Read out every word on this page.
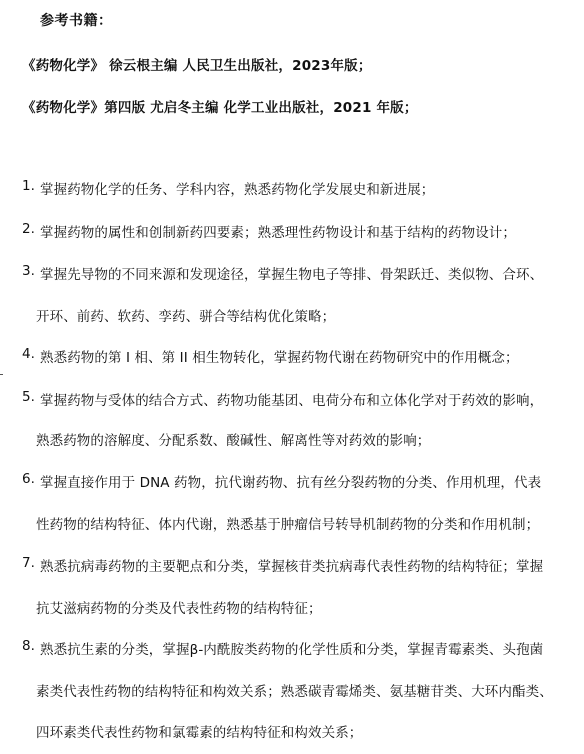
参考书籍：
《药物化学》 徐云根主编 人民卫生出版社，2023年版；
《药物化学》第四版 尤启冬主编 化学工业出版社，2021 年版；
1. 掌握药物化学的任务、学科内容，熟悉药物化学发展史和新进展；
2. 掌握药物的属性和创制新药四要素；熟悉理性药物设计和基于结构的药物设计；
3. 掌握先导物的不同来源和发现途径，掌握生物电子等排、骨架跃迁、类似物、合环、
开环、前药、软药、孪药、骈合等结构优化策略；
4. 熟悉药物的第 I 相、第 II 相生物转化，掌握药物代谢在药物研究中的作用概念；
5. 掌握药物与受体的结合方式、药物功能基团、电荷分布和立体化学对于药效的影响，
熟悉药物的溶解度、分配系数、酸碱性、解离性等对药效的影响；
6. 掌握直接作用于 DNA 药物，抗代谢药物、抗有丝分裂药物的分类、作用机理，代表
性药物的结构特征、体内代谢，熟悉基于肿瘤信号转导机制药物的分类和作用机制；
7. 熟悉抗病毒药物的主要靶点和分类，掌握核苷类抗病毒代表性药物的结构特征；掌握
抗艾滋病药物的分类及代表性药物的结构特征；
8. 熟悉抗生素的分类，掌握β-内酰胺类药物的化学性质和分类，掌握青霉素类、头孢菌
素类代表性药物的结构特征和构效关系；熟悉碳青霉烯类、氨基糖苷类、大环内酯类、
四环素类代表性药物和氯霉素的结构特征和构效关系；
